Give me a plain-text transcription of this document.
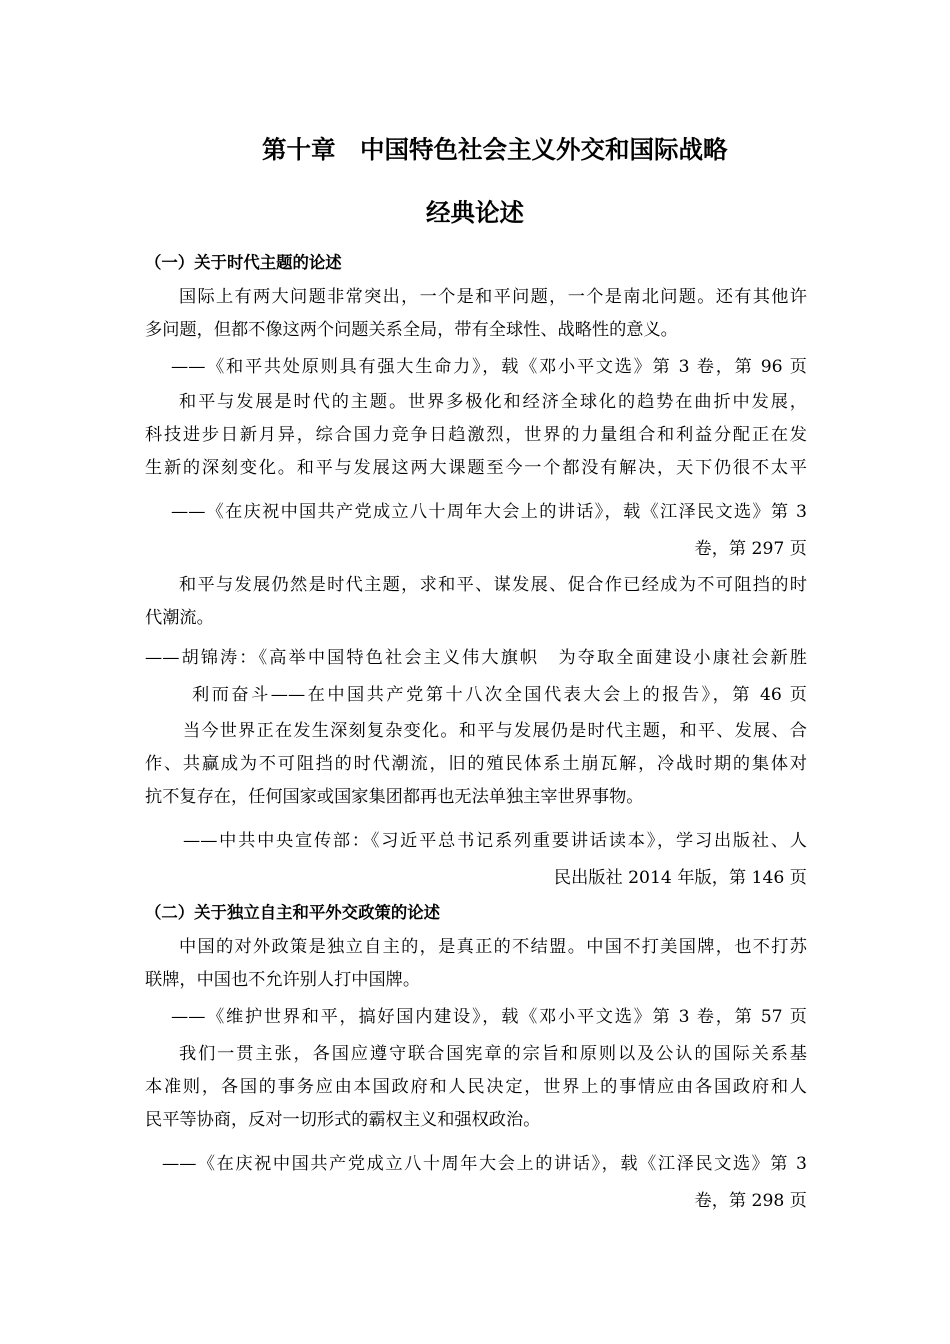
第十章　中国特色社会主义外交和国际战略
经典论述
（一）关于时代主题的论述
国际上有两大问题非常突出，一个是和平问题，一个是南北问题。还有其他许
多问题，但都不像这两个问题关系全局，带有全球性、战略性的意义。
——《和平共处原则具有强大生命力》，载《邓小平文选》第 3 卷，第 96 页
和平与发展是时代的主题。世界多极化和经济全球化的趋势在曲折中发展，
科技进步日新月异，综合国力竞争日趋激烈，世界的力量组合和利益分配正在发
生新的深刻变化。和平与发展这两大课题至今一个都没有解决，天下仍很不太平
——《在庆祝中国共产党成立八十周年大会上的讲话》，载《江泽民文选》第 3
卷，第 297 页
和平与发展仍然是时代主题，求和平、谋发展、促合作已经成为不可阻挡的时
代潮流。
——胡锦涛：《高举中国特色社会主义伟大旗帜　为夺取全面建设小康社会新胜
利而奋斗——在中国共产党第十八次全国代表大会上的报告》，第 46 页
当今世界正在发生深刻复杂变化。和平与发展仍是时代主题，和平、发展、合
作、共赢成为不可阻挡的时代潮流，旧的殖民体系土崩瓦解，冷战时期的集体对
抗不复存在，任何国家或国家集团都再也无法单独主宰世界事物。
——中共中央宣传部：《习近平总书记系列重要讲话读本》，学习出版社、人
民出版社 2014 年版，第 146 页
（二）关于独立自主和平外交政策的论述
中国的对外政策是独立自主的，是真正的不结盟。中国不打美国牌，也不打苏
联牌，中国也不允许别人打中国牌。
——《维护世界和平，搞好国内建设》，载《邓小平文选》第 3 卷，第 57 页
我们一贯主张，各国应遵守联合国宪章的宗旨和原则以及公认的国际关系基
本准则，各国的事务应由本国政府和人民决定，世界上的事情应由各国政府和人
民平等协商，反对一切形式的霸权主义和强权政治。
——《在庆祝中国共产党成立八十周年大会上的讲话》，载《江泽民文选》第 3
卷，第 298 页
